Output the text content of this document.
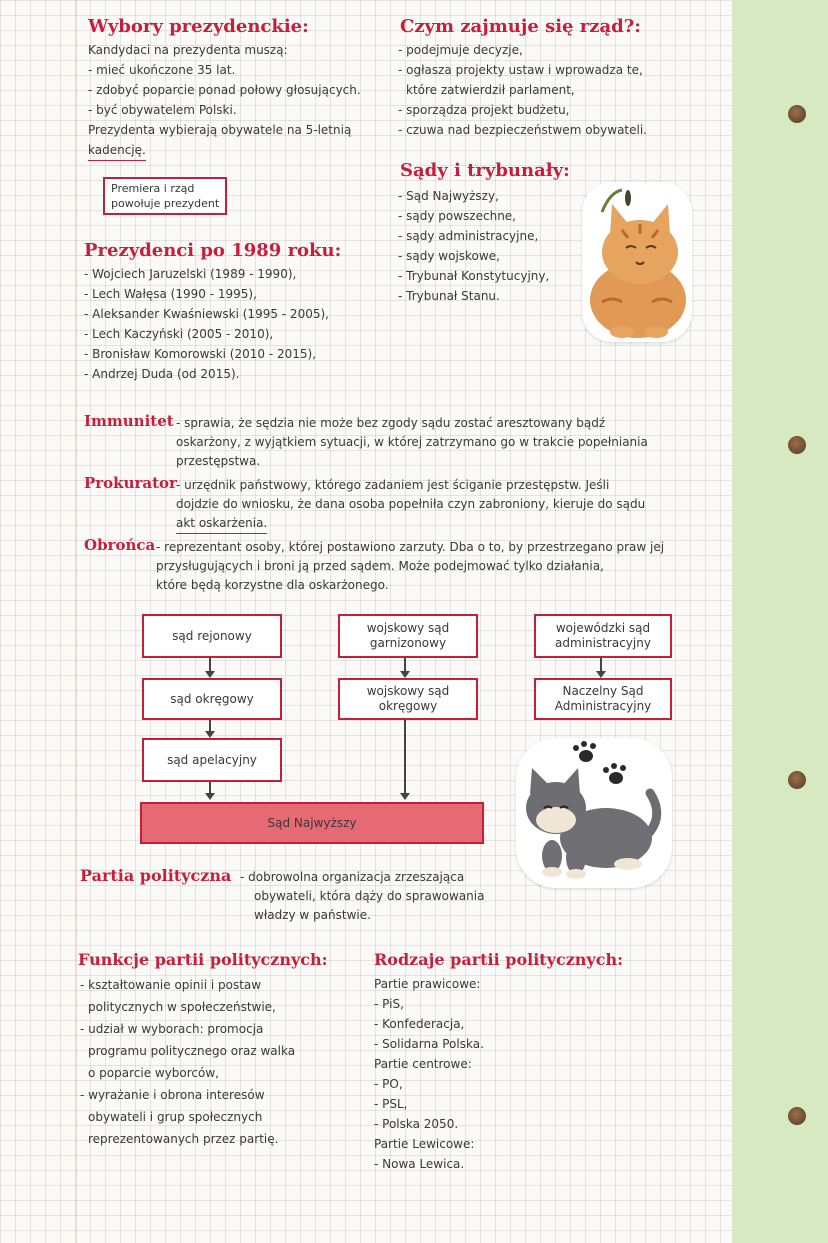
Wybory prezydenckie:
Kandydaci na prezydenta muszą:
- mieć ukończone 35 lat.
- zdobyć poparcie ponad połowy głosujących.
- być obywatelem Polski.
Prezydenta wybierają obywatele na 5-letnią
kadencję.
Premiera i rząd
powołuje prezydent
Prezydenci po 1989 roku:
- Wojciech Jaruzelski (1989 - 1990),
- Lech Wałęsa (1990 - 1995),
- Aleksander Kwaśniewski (1995 - 2005),
- Lech Kaczyński (2005 - 2010),
- Bronisław Komorowski (2010 - 2015),
- Andrzej Duda (od 2015).
Czym zajmuje się rząd?:
- podejmuje decyzje,
- ogłasza projekty ustaw i wprowadza te,
które zatwierdził parlament,
- sporządza projekt budżetu,
- czuwa nad bezpieczeństwem obywateli.
Sądy i trybunały:
- Sąd Najwyższy,
- sądy powszechne,
- sądy administracyjne,
- sądy wojskowe,
- Trybunał Konstytucyjny,
- Trybunał Stanu.
Immunitet - sprawia, że sędzia nie może bez zgody sądu zostać aresztowany bądź
oskarżony, z wyjątkiem sytuacji, w której zatrzymano go w trakcie popełniania
przestępstwa.
Prokurator - urzędnik państwowy, którego zadaniem jest ściganie przestępstw. Jeśli
dojdzie do wniosku, że dana osoba popełniła czyn zabroniony, kieruje do sądu
akt oskarżenia.
Obrońca - reprezentant osoby, której postawiono zarzuty. Dba o to, by przestrzegano praw jej
przysługujących i broni ją przed sądem. Może podejmować tylko działania,
które będą korzystne dla oskarżonego.
sąd rejonowy
sąd okręgowy
sąd apelacyjny
wojskowy sąd garnizonowy
wojskowy sąd okręgowy
wojewódzki sąd administracyjny
Naczelny Sąd Administracyjny
Sąd Najwyższy
Partia polityczna - dobrowolna organizacja zrzeszająca
obywateli, która dąży do sprawowania
władzy w państwie.
Funkcje partii politycznych:
- kształtowanie opinii i postaw
politycznych w społeczeństwie,
- udział w wyborach: promocja
programu politycznego oraz walka
o poparcie wyborców,
- wyrażanie i obrona interesów
obywateli i grup społecznych
reprezentowanych przez partię.
Rodzaje partii politycznych:
Partie prawicowe:
- PiS,
- Konfederacja,
- Solidarna Polska.
Partie centrowe:
- PO,
- PSL,
- Polska 2050.
Partie Lewicowe:
- Nowa Lewica.
